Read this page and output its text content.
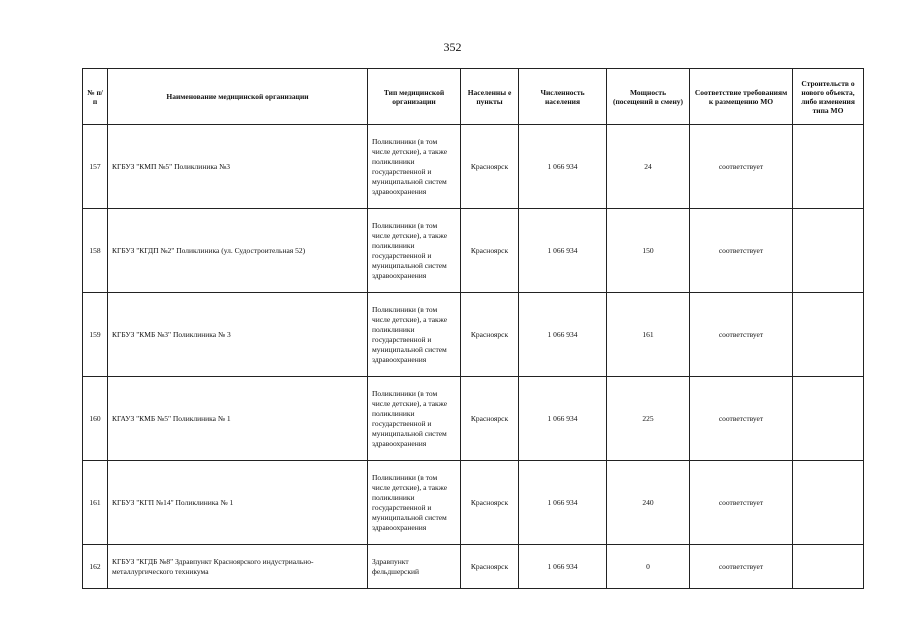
352
№ п/п	Наименование медицинской организации	Тип медицинской организации	Населенны е пункты	Численность населения	Мощность (посещений в смену)	Соответствие требованиям к размещению МО	Строительств о нового объекта, либо изменения типа МО
157	КГБУЗ "КМП №5" Поликлиника №3	Поликлиники (в том числе детские), а также поликлиники государственной и муниципальной систем здравоохранения	Красноярск	1 066 934	24	соответствует	
158	КГБУЗ "КГДП №2" Поликлиника (ул. Судостроительная 52)	Поликлиники (в том числе детские), а также поликлиники государственной и муниципальной систем здравоохранения	Красноярск	1 066 934	150	соответствует	
159	КГБУЗ "КМБ №3" Поликлиника № 3	Поликлиники (в том числе детские), а также поликлиники государственной и муниципальной систем здравоохранения	Красноярск	1 066 934	161	соответствует	
160	КГАУЗ "КМБ №5" Поликлиника № 1	Поликлиники (в том числе детские), а также поликлиники государственной и муниципальной систем здравоохранения	Красноярск	1 066 934	225	соответствует	
161	КГБУЗ "КГП №14" Поликлиника № 1	Поликлиники (в том числе детские), а также поликлиники государственной и муниципальной систем здравоохранения	Красноярск	1 066 934	240	соответствует	
162	КГБУЗ "КГДБ №8" Здравпункт Красноярского индустриально-металлургического техникума	Здравпункт фельдшерский	Красноярск	1 066 934	0	соответствует	
